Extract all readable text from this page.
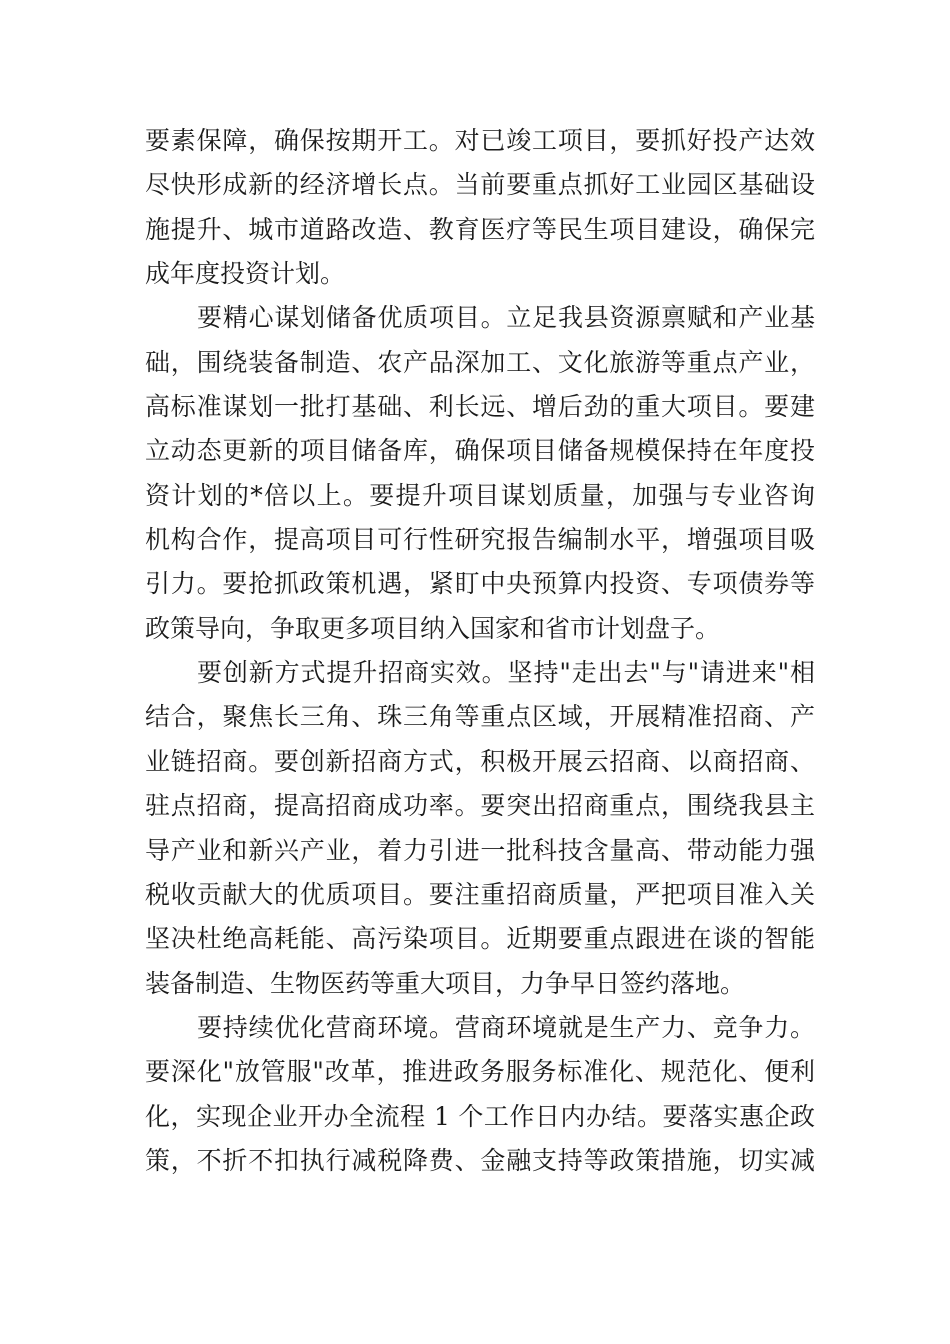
要素保障，确保按期开工。对已竣工项目，要抓好投产达效
尽快形成新的经济增长点。当前要重点抓好工业园区基础设
施提升、城市道路改造、教育医疗等民生项目建设，确保完
成年度投资计划。
要精心谋划储备优质项目。立足我县资源禀赋和产业基
础，围绕装备制造、农产品深加工、文化旅游等重点产业，
高标准谋划一批打基础、利长远、增后劲的重大项目。要建
立动态更新的项目储备库，确保项目储备规模保持在年度投
资计划的*倍以上。要提升项目谋划质量，加强与专业咨询
机构合作，提高项目可行性研究报告编制水平，增强项目吸
引力。要抢抓政策机遇，紧盯中央预算内投资、专项债券等
政策导向，争取更多项目纳入国家和省市计划盘子。
要创新方式提升招商实效。坚持"走出去"与"请进来"相
结合，聚焦长三角、珠三角等重点区域，开展精准招商、产
业链招商。要创新招商方式，积极开展云招商、以商招商、
驻点招商，提高招商成功率。要突出招商重点，围绕我县主
导产业和新兴产业，着力引进一批科技含量高、带动能力强
税收贡献大的优质项目。要注重招商质量，严把项目准入关
坚决杜绝高耗能、高污染项目。近期要重点跟进在谈的智能
装备制造、生物医药等重大项目，力争早日签约落地。
要持续优化营商环境。营商环境就是生产力、竞争力。
要深化"放管服"改革，推进政务服务标准化、规范化、便利
化，实现企业开办全流程 1 个工作日内办结。要落实惠企政
策，不折不扣执行减税降费、金融支持等政策措施，切实减
